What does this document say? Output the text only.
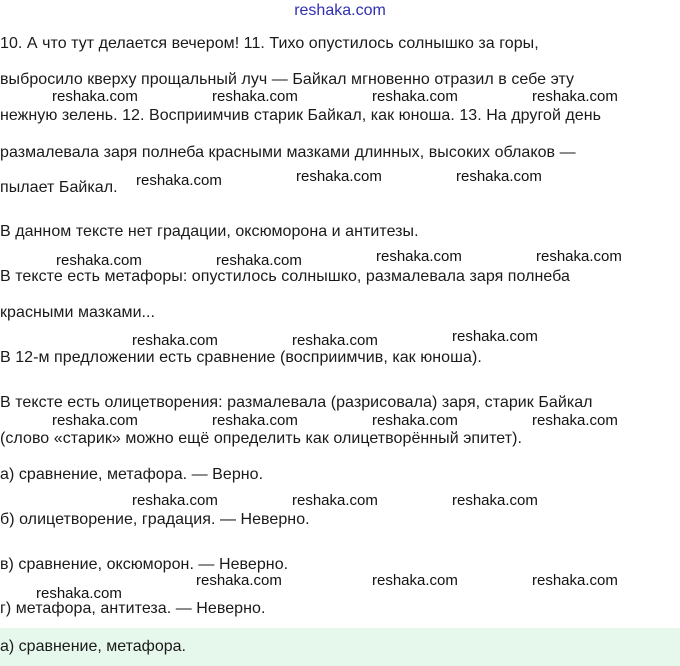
reshaka.com
10. А что тут делается вечером! 11. Тихо опустилось солнышко за горы,
выбросило кверху прощальный луч — Байкал мгновенно отразил в себе эту
нежную зелень. 12. Восприимчив старик Байкал, как юноша. 13. На другой день
размалевала заря полнеба красными мазками длинных, высоких облаков —
пылает Байкал.
В данном тексте нет градации, оксюморона и антитезы.
В тексте есть метафоры: опустилось солнышко, размалевала заря полнеба
красными мазками...
В 12-м предложении есть сравнение (восприимчив, как юноша).
В тексте есть олицетворения: размалевала (разрисовала) заря, старик Байкал
(слово «старик» можно ещё определить как олицетворённый эпитет).
а) сравнение, метафора. — Верно.
б) олицетворение, градация. — Неверно.
в) сравнение, оксюморон. — Неверно.
г) метафора, антитеза. — Неверно.
reshaka.com	reshaka.com	reshaka.com	reshaka.com
reshaka.com	reshaka.com	reshaka.com
reshaka.com	reshaka.com	reshaka.com	reshaka.com
reshaka.com	reshaka.com	reshaka.com
reshaka.com	reshaka.com	reshaka.com	reshaka.com
reshaka.com	reshaka.com	reshaka.com
reshaka.com	reshaka.com	reshaka.com
reshaka.com
а) сравнение, метафора.
